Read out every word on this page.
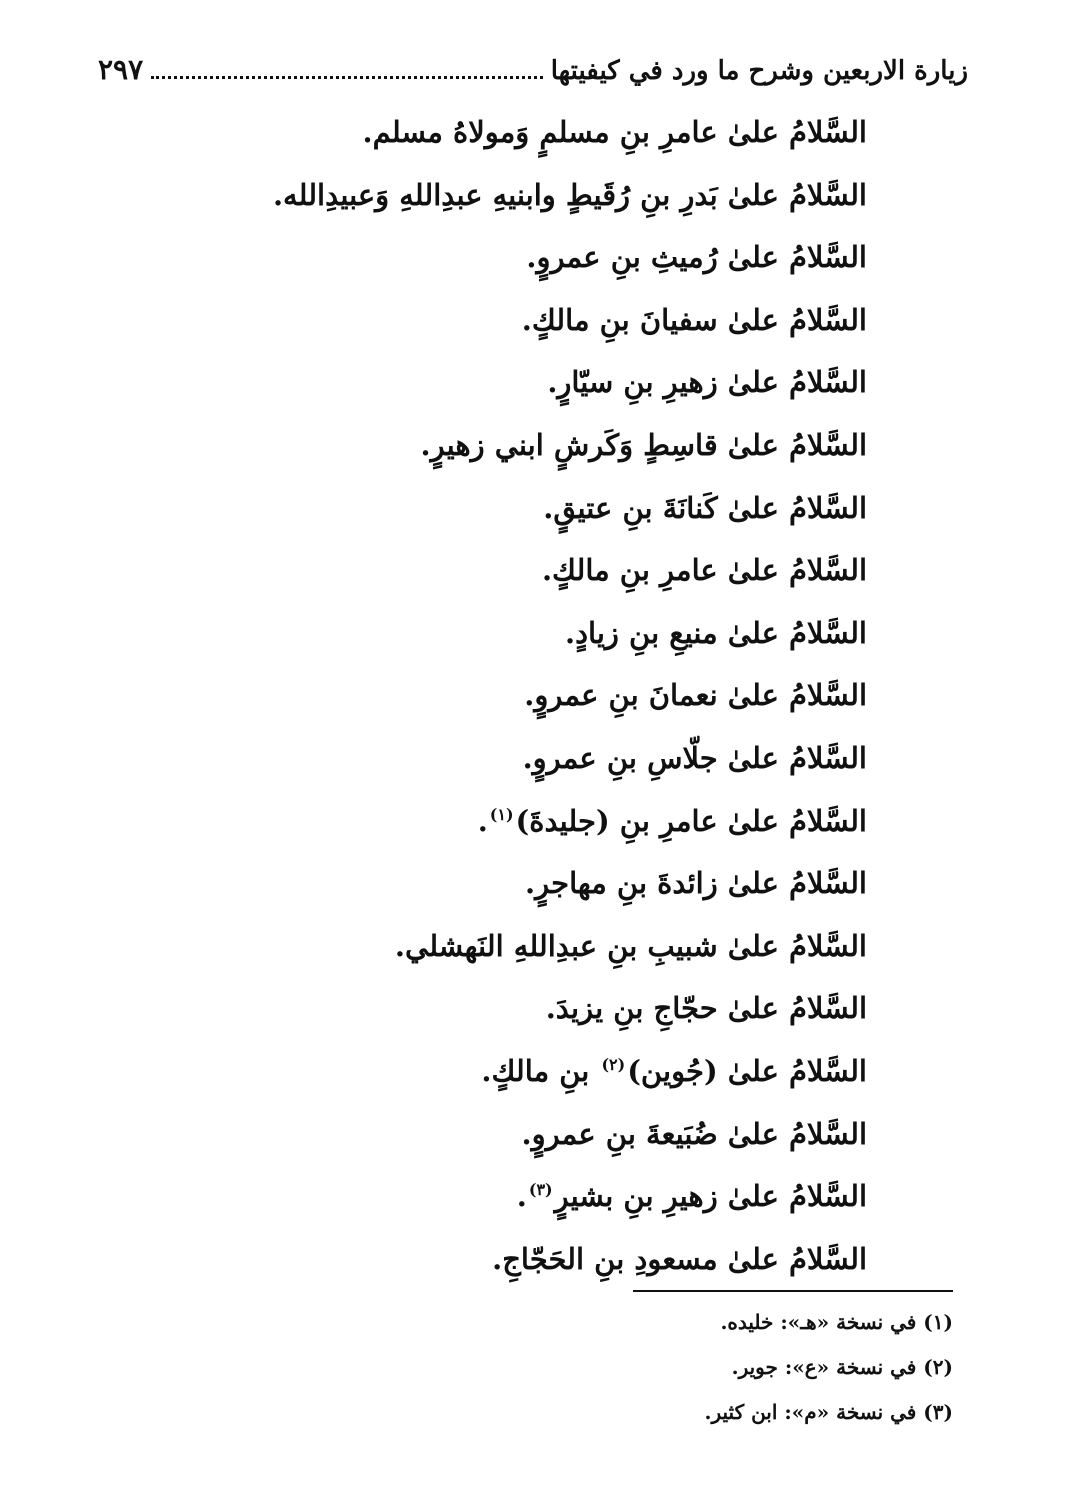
زيارة الاربعين وشرح ما ورد في كيفيتها
٢٩٧
السَّلامُ علىٰ عامرِ بنِ مسلمٍ وَمولاهُ مسلم.
السَّلامُ علىٰ بَدرِ بنِ رُقَيطٍ وابنيهِ عبدِاللهِ وَعبيدِالله.
السَّلامُ علىٰ رُميثِ بنِ عمروٍ.
السَّلامُ علىٰ سفيانَ بنِ مالكٍ.
السَّلامُ علىٰ زهيرِ بنِ سيّارٍ.
السَّلامُ علىٰ قاسِطٍ وَكَرشٍ ابني زهيرٍ.
السَّلامُ علىٰ كَنانَةَ بنِ عتيقٍ.
السَّلامُ علىٰ عامرِ بنِ مالكٍ.
السَّلامُ علىٰ منيعِ بنِ زيادٍ.
السَّلامُ علىٰ نعمانَ بنِ عمروٍ.
السَّلامُ علىٰ جلّاسِ بنِ عمروٍ.
السَّلامُ علىٰ عامرِ بنِ (جليدةَ)$^{(١)}$.
السَّلامُ علىٰ زائدةَ بنِ مهاجرٍ.
السَّلامُ علىٰ شبيبِ بنِ عبدِاللهِ النَهشلي.
السَّلامُ علىٰ حجّاجِ بنِ يزيدَ.
السَّلامُ علىٰ (جُوين)$^{(٢)}$ بنِ مالكٍ.
السَّلامُ علىٰ ضُبَيعةَ بنِ عمروٍ.
السَّلامُ علىٰ زهيرِ بنِ بشيرٍ$^{(٣)}$.
السَّلامُ علىٰ مسعودِ بنِ الحَجّاجِ.
(١) في نسخة «هـ»: خليده.
(٢) في نسخة «ع»: جوير.
(٣) في نسخة «م»: ابن كثير.
